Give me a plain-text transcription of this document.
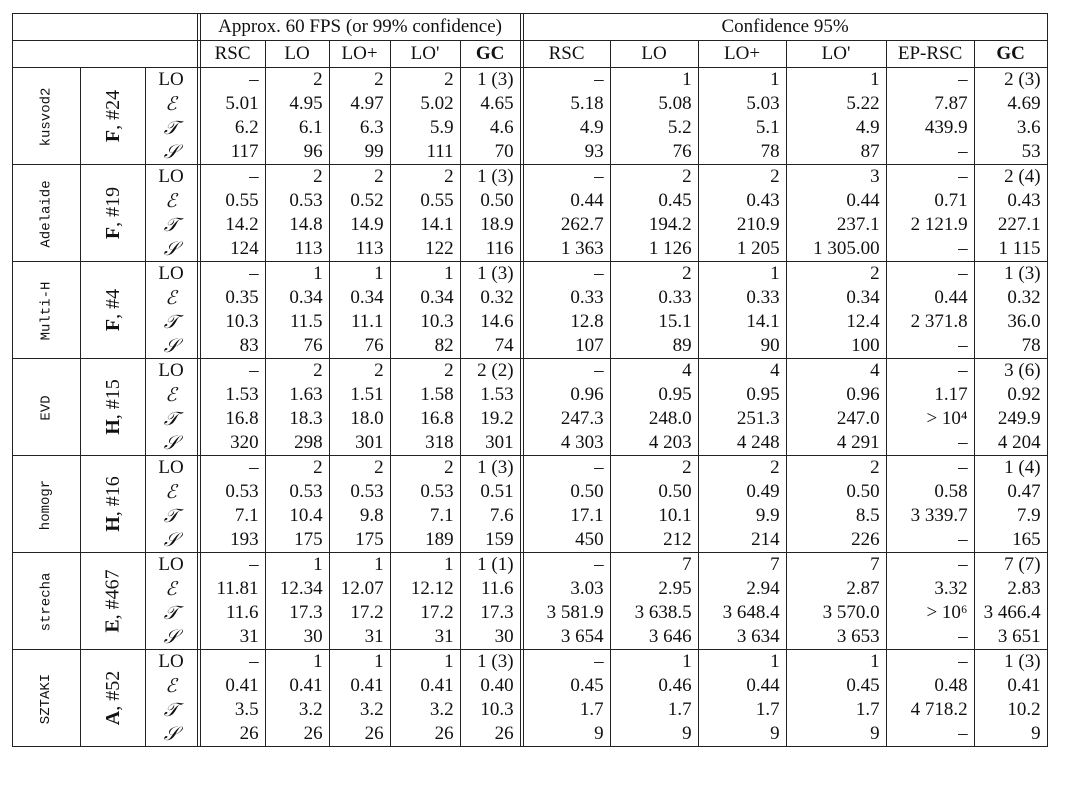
				Approx. 60 FPS (or 99% confidence)						Confidence 95%					
				RSC	LO	LO+	LO'	GC		RSC	LO	LO+	LO'	EP-RSC	GC
kusvod2	F, #24	LO		–	2	2	2	1 (3)		–	1	1	1	–	2 (3)
		ℰ		5.01	4.95	4.97	5.02	4.65		5.18	5.08	5.03	5.22	7.87	4.69
		𝒯		6.2	6.1	6.3	5.9	4.6		4.9	5.2	5.1	4.9	439.9	3.6
		𝒮		117	96	99	111	70		93	76	78	87	–	53
Adelaide	F, #19	LO		–	2	2	2	1 (3)		–	2	2	3	–	2 (4)
		ℰ		0.55	0.53	0.52	0.55	0.50		0.44	0.45	0.43	0.44	0.71	0.43
		𝒯		14.2	14.8	14.9	14.1	18.9		262.7	194.2	210.9	237.1	2 121.9	227.1
		𝒮		124	113	113	122	116		1 363	1 126	1 205	1 305.00	–	1 115
Multi-H	F, #4	LO		–	1	1	1	1 (3)		–	2	1	2	–	1 (3)
		ℰ		0.35	0.34	0.34	0.34	0.32		0.33	0.33	0.33	0.34	0.44	0.32
		𝒯		10.3	11.5	11.1	10.3	14.6		12.8	15.1	14.1	12.4	2 371.8	36.0
		𝒮		83	76	76	82	74		107	89	90	100	–	78
EVD	H, #15	LO		–	2	2	2	2 (2)		–	4	4	4	–	3 (6)
		ℰ		1.53	1.63	1.51	1.58	1.53		0.96	0.95	0.95	0.96	1.17	0.92
		𝒯		16.8	18.3	18.0	16.8	19.2		247.3	248.0	251.3	247.0	> 10⁴	249.9
		𝒮		320	298	301	318	301		4 303	4 203	4 248	4 291	–	4 204
homogr	H, #16	LO		–	2	2	2	1 (3)		–	2	2	2	–	1 (4)
		ℰ		0.53	0.53	0.53	0.53	0.51		0.50	0.50	0.49	0.50	0.58	0.47
		𝒯		7.1	10.4	9.8	7.1	7.6		17.1	10.1	9.9	8.5	3 339.7	7.9
		𝒮		193	175	175	189	159		450	212	214	226	–	165
strecha	E, #467	LO		–	1	1	1	1 (1)		–	7	7	7	–	7 (7)
		ℰ		11.81	12.34	12.07	12.12	11.6		3.03	2.95	2.94	2.87	3.32	2.83
		𝒯		11.6	17.3	17.2	17.2	17.3		3 581.9	3 638.5	3 648.4	3 570.0	> 10⁶	3 466.4
		𝒮		31	30	31	31	30		3 654	3 646	3 634	3 653	–	3 651
SZTAKI	A, #52	LO		–	1	1	1	1 (3)		–	1	1	1	–	1 (3)
		ℰ		0.41	0.41	0.41	0.41	0.40		0.45	0.46	0.44	0.45	0.48	0.41
		𝒯		3.5	3.2	3.2	3.2	10.3		1.7	1.7	1.7	1.7	4 718.2	10.2
		𝒮		26	26	26	26	26		9	9	9	9	–	9
